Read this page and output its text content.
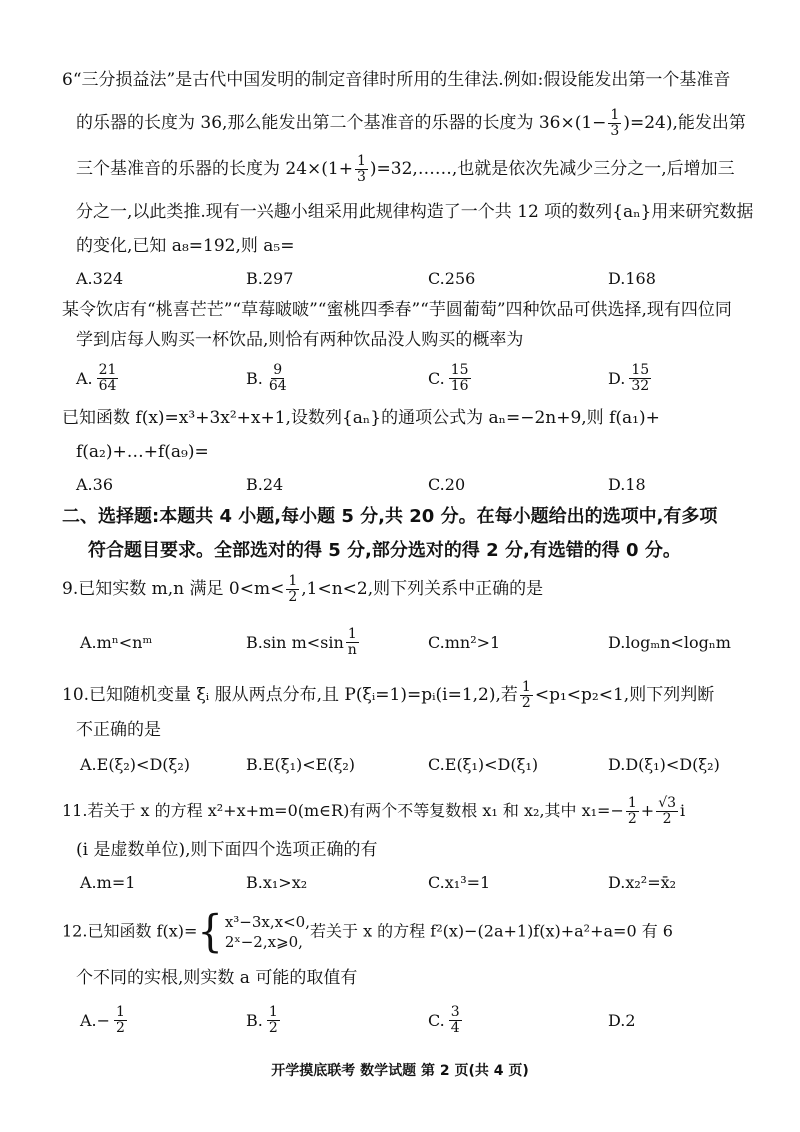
6“三分损益法”是古代中国发明的制定音律时所用的生律法.例如:假设能发出第一个基准音
的乐器的长度为 36,那么能发出第二个基准音的乐器的长度为 $36\times(1- \frac{1}{3} )=24$),能发出第
三个基准音的乐器的长度为 $24\times(1+ \frac{1}{3}$ )=32,……,也就是依次先减少三分之一,后增加三
分之一,以此类推.现有一兴趣小组采用此规律构造了一个共 12 项的数列{aₙ}用来研究数据
的变化,已知 a₈=192,则 a₅=
A.324	B.297	C.256	D.168
某令饮店有“桃喜芒芒”“草莓啵啵”“蜜桃四季春”“芋圆葡萄”四种饮品可供选择,现有四位同
学到店每人购买一杯饮品,则恰有两种饮品没人购买的概率为
A. $\frac{21}{64}$	B. $\frac{9}{64}$	C. $\frac{15}{16}$	D. $\frac{15}{32}$
已知函数 f(x)=x³+3x²+x+1,设数列{aₙ}的通项公式为 aₙ=−2n+9,则 f(a₁)+
f(a₂)+…+f(a₉)=
A.36	B.24	C.20	D.18
二、选择题:本题共 4 小题,每小题 5 分,共 20 分。在每小题给出的选项中,有多项
符合题目要求。全部选对的得 5 分,部分选对的得 2 分,有选错的得 0 分。
9.已知实数 m,n 满足 $0<m< \frac{1}{2} ,1<n<2$,则下列关系中正确的是
A.mⁿ<nᵐ	B.sin $m<\sin \frac{1}{n}$	C.mn²>1	D.logₘn<logₙm
10.已知随机变量 ξᵢ 服从两点分布,且 P(ξᵢ=1)=pᵢ(i=1,2),若 $\frac{1}{2} <p_1<p_2<1$,则下列判断
不正确的是
A.E(ξ₂)<D(ξ₂)	B.E(ξ₁)<E(ξ₂)	C.E(ξ₁)<D(ξ₁)	D.D(ξ₁)<D(ξ₂)
11.若关于 x 的方程 x²+x+m=0(m∈R)有两个不等复数根 x₁ 和 x₂,其中 $x_1=- \frac{1}{2} + \frac{√3}{2}$ i
(i 是虚数单位),则下面四个选项正确的有
A.m=1	B.x₁>x₂	C.x₁³=1	D.x₂²=x̄₂
12.已知函数 f(x)= { x³−3x,x<0,
2ˣ−2,x⩾0,
若关于 x 的方程 f²(x)−(2a+1)f(x)+a²+a=0 有 6
个不同的实根,则实数 a 可能的取值有
$A.- \frac{1}{2}$	B. $\frac{1}{2}$	C. $\frac{3}{4}$	D.2
开学摸底联考 数学试题 第 2 页(共 4 页)
